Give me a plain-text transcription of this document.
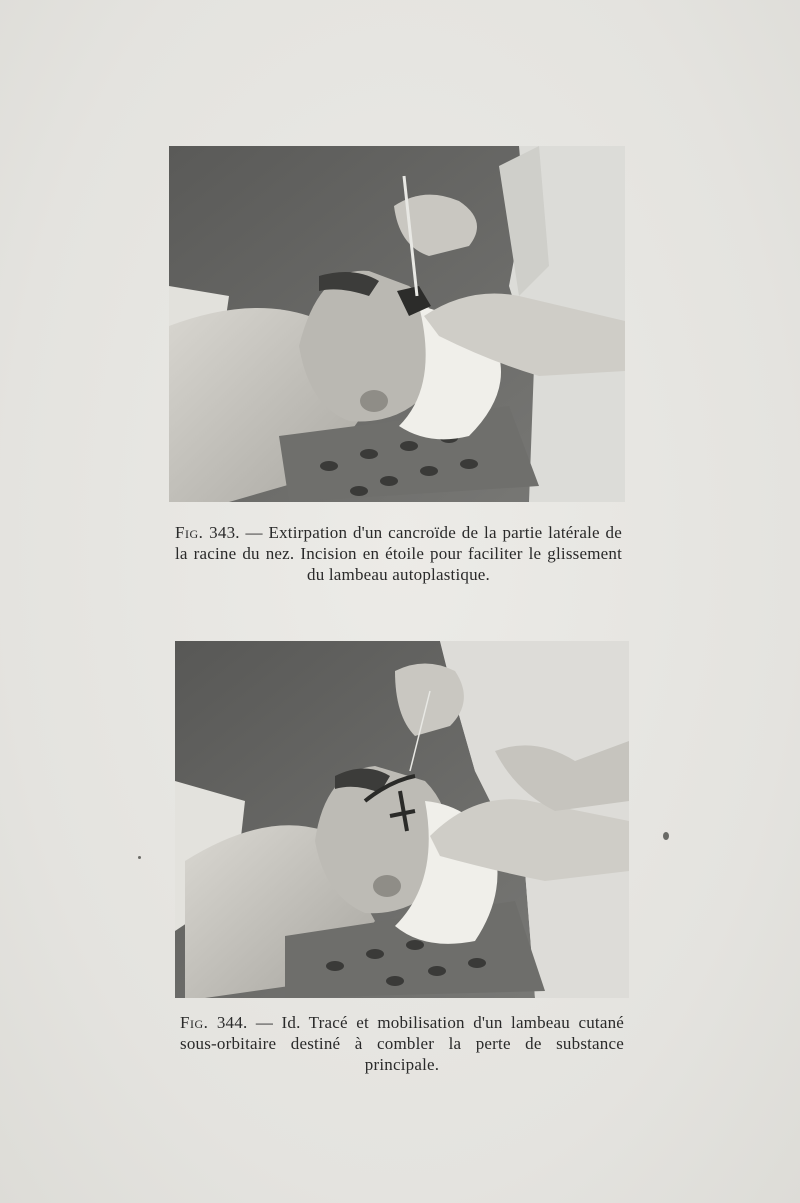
Fig. 343. — Extirpation d'un cancroïde de la partie latérale de la racine du nez. Incision en étoile pour faciliter le glissement du lambeau autoplastique.
Fig. 344. — Id. Tracé et mobilisation d'un lambeau cutané sous-orbitaire destiné à combler la perte de substance principale.
